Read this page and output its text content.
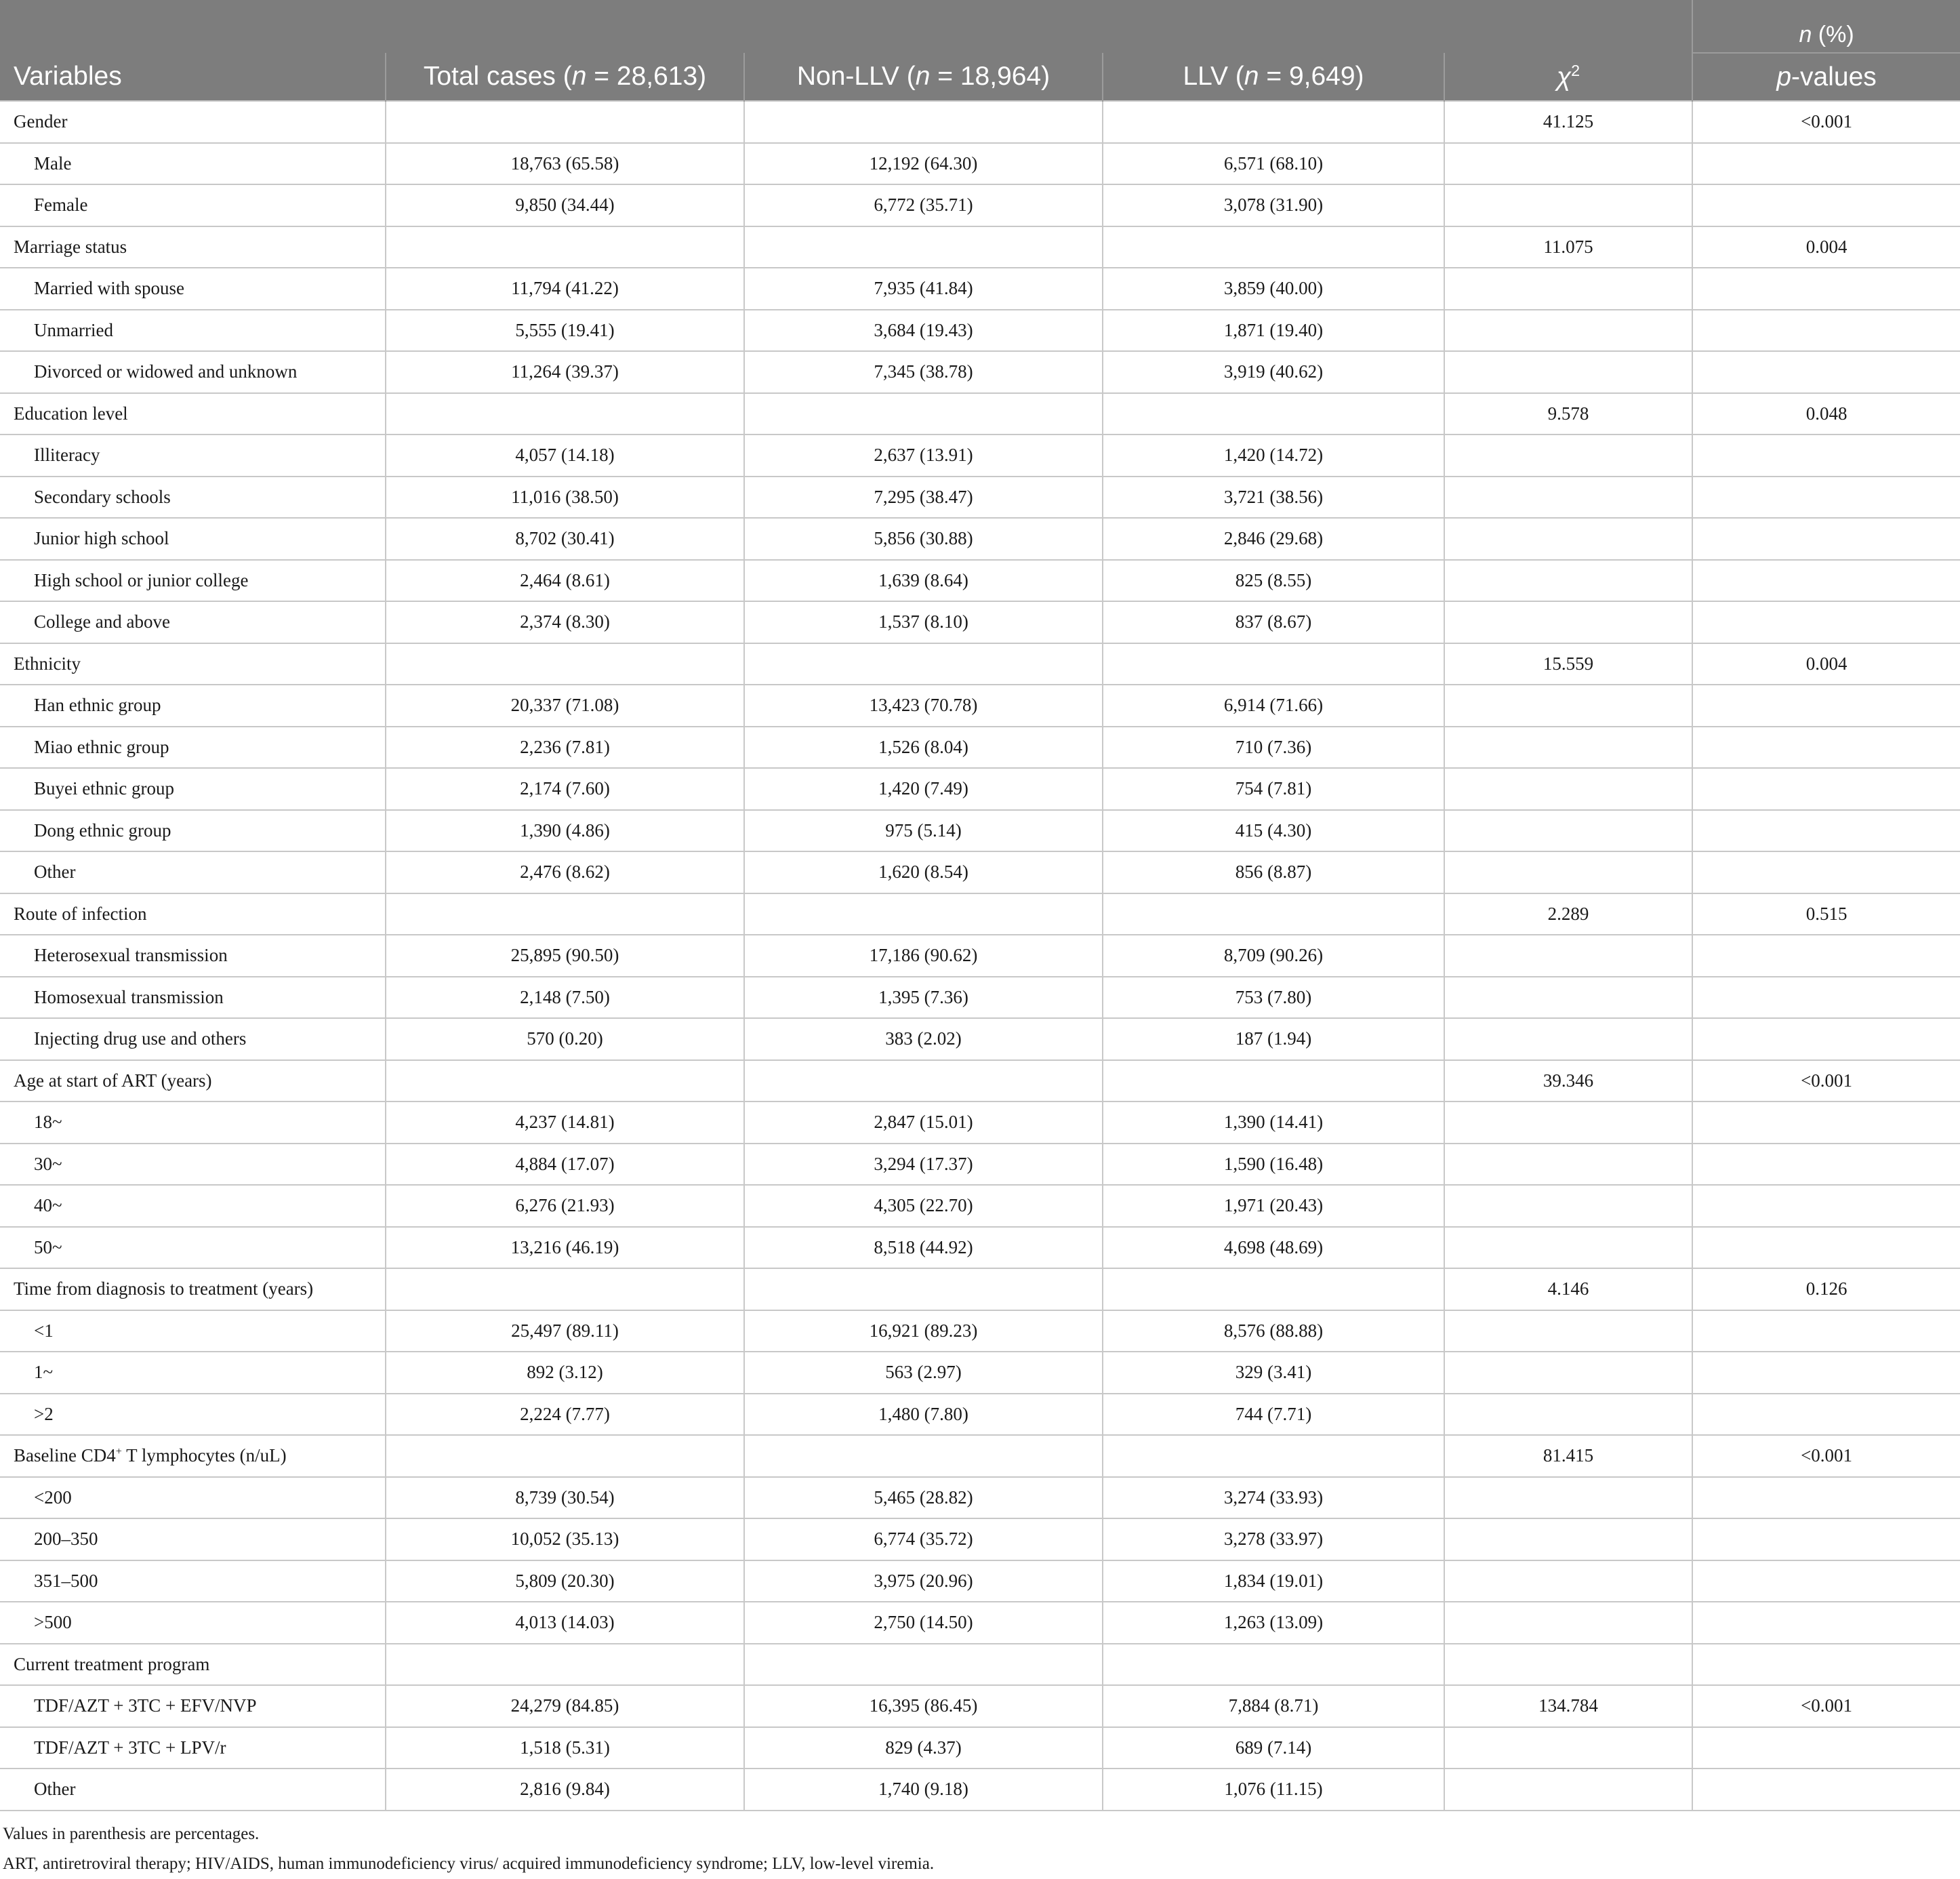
					n (%)
Variables	Total cases (n = 28,613)	Non-LLV (n = 18,964)	LLV (n = 9,649)	$\chi^2$	p-values
Gender				41.125	<0.001
Male	18,763 (65.58)	12,192 (64.30)	6,571 (68.10)		
Female	9,850 (34.44)	6,772 (35.71)	3,078 (31.90)		
Marriage status				11.075	0.004
Married with spouse	11,794 (41.22)	7,935 (41.84)	3,859 (40.00)		
Unmarried	5,555 (19.41)	3,684 (19.43)	1,871 (19.40)		
Divorced or widowed and unknown	11,264 (39.37)	7,345 (38.78)	3,919 (40.62)		
Education level				9.578	0.048
Illiteracy	4,057 (14.18)	2,637 (13.91)	1,420 (14.72)		
Secondary schools	11,016 (38.50)	7,295 (38.47)	3,721 (38.56)		
Junior high school	8,702 (30.41)	5,856 (30.88)	2,846 (29.68)		
High school or junior college	2,464 (8.61)	1,639 (8.64)	825 (8.55)		
College and above	2,374 (8.30)	1,537 (8.10)	837 (8.67)		
Ethnicity				15.559	0.004
Han ethnic group	20,337 (71.08)	13,423 (70.78)	6,914 (71.66)		
Miao ethnic group	2,236 (7.81)	1,526 (8.04)	710 (7.36)		
Buyei ethnic group	2,174 (7.60)	1,420 (7.49)	754 (7.81)		
Dong ethnic group	1,390 (4.86)	975 (5.14)	415 (4.30)		
Other	2,476 (8.62)	1,620 (8.54)	856 (8.87)		
Route of infection				2.289	0.515
Heterosexual transmission	25,895 (90.50)	17,186 (90.62)	8,709 (90.26)		
Homosexual transmission	2,148 (7.50)	1,395 (7.36)	753 (7.80)		
Injecting drug use and others	570 (0.20)	383 (2.02)	187 (1.94)		
Age at start of ART (years)				39.346	<0.001
18~	4,237 (14.81)	2,847 (15.01)	1,390 (14.41)		
30~	4,884 (17.07)	3,294 (17.37)	1,590 (16.48)		
40~	6,276 (21.93)	4,305 (22.70)	1,971 (20.43)		
50~	13,216 (46.19)	8,518 (44.92)	4,698 (48.69)		
Time from diagnosis to treatment (years)				4.146	0.126
<1	25,497 (89.11)	16,921 (89.23)	8,576 (88.88)		
1~	892 (3.12)	563 (2.97)	329 (3.41)		
>2	2,224 (7.77)	1,480 (7.80)	744 (7.71)		
Baseline CD4+ T lymphocytes (n/uL)				81.415	<0.001
<200	8,739 (30.54)	5,465 (28.82)	3,274 (33.93)		
200–350	10,052 (35.13)	6,774 (35.72)	3,278 (33.97)		
351–500	5,809 (20.30)	3,975 (20.96)	1,834 (19.01)		
>500	4,013 (14.03)	2,750 (14.50)	1,263 (13.09)		
Current treatment program					
TDF/AZT + 3TC + EFV/NVP	24,279 (84.85)	16,395 (86.45)	7,884 (8.71)	134.784	<0.001
TDF/AZT + 3TC + LPV/r	1,518 (5.31)	829 (4.37)	689 (7.14)		
Other	2,816 (9.84)	1,740 (9.18)	1,076 (11.15)		
Values in parenthesis are percentages.
ART, antiretroviral therapy; HIV/AIDS, human immunodeficiency virus/ acquired immunodeficiency syndrome; LLV, low-level viremia.
